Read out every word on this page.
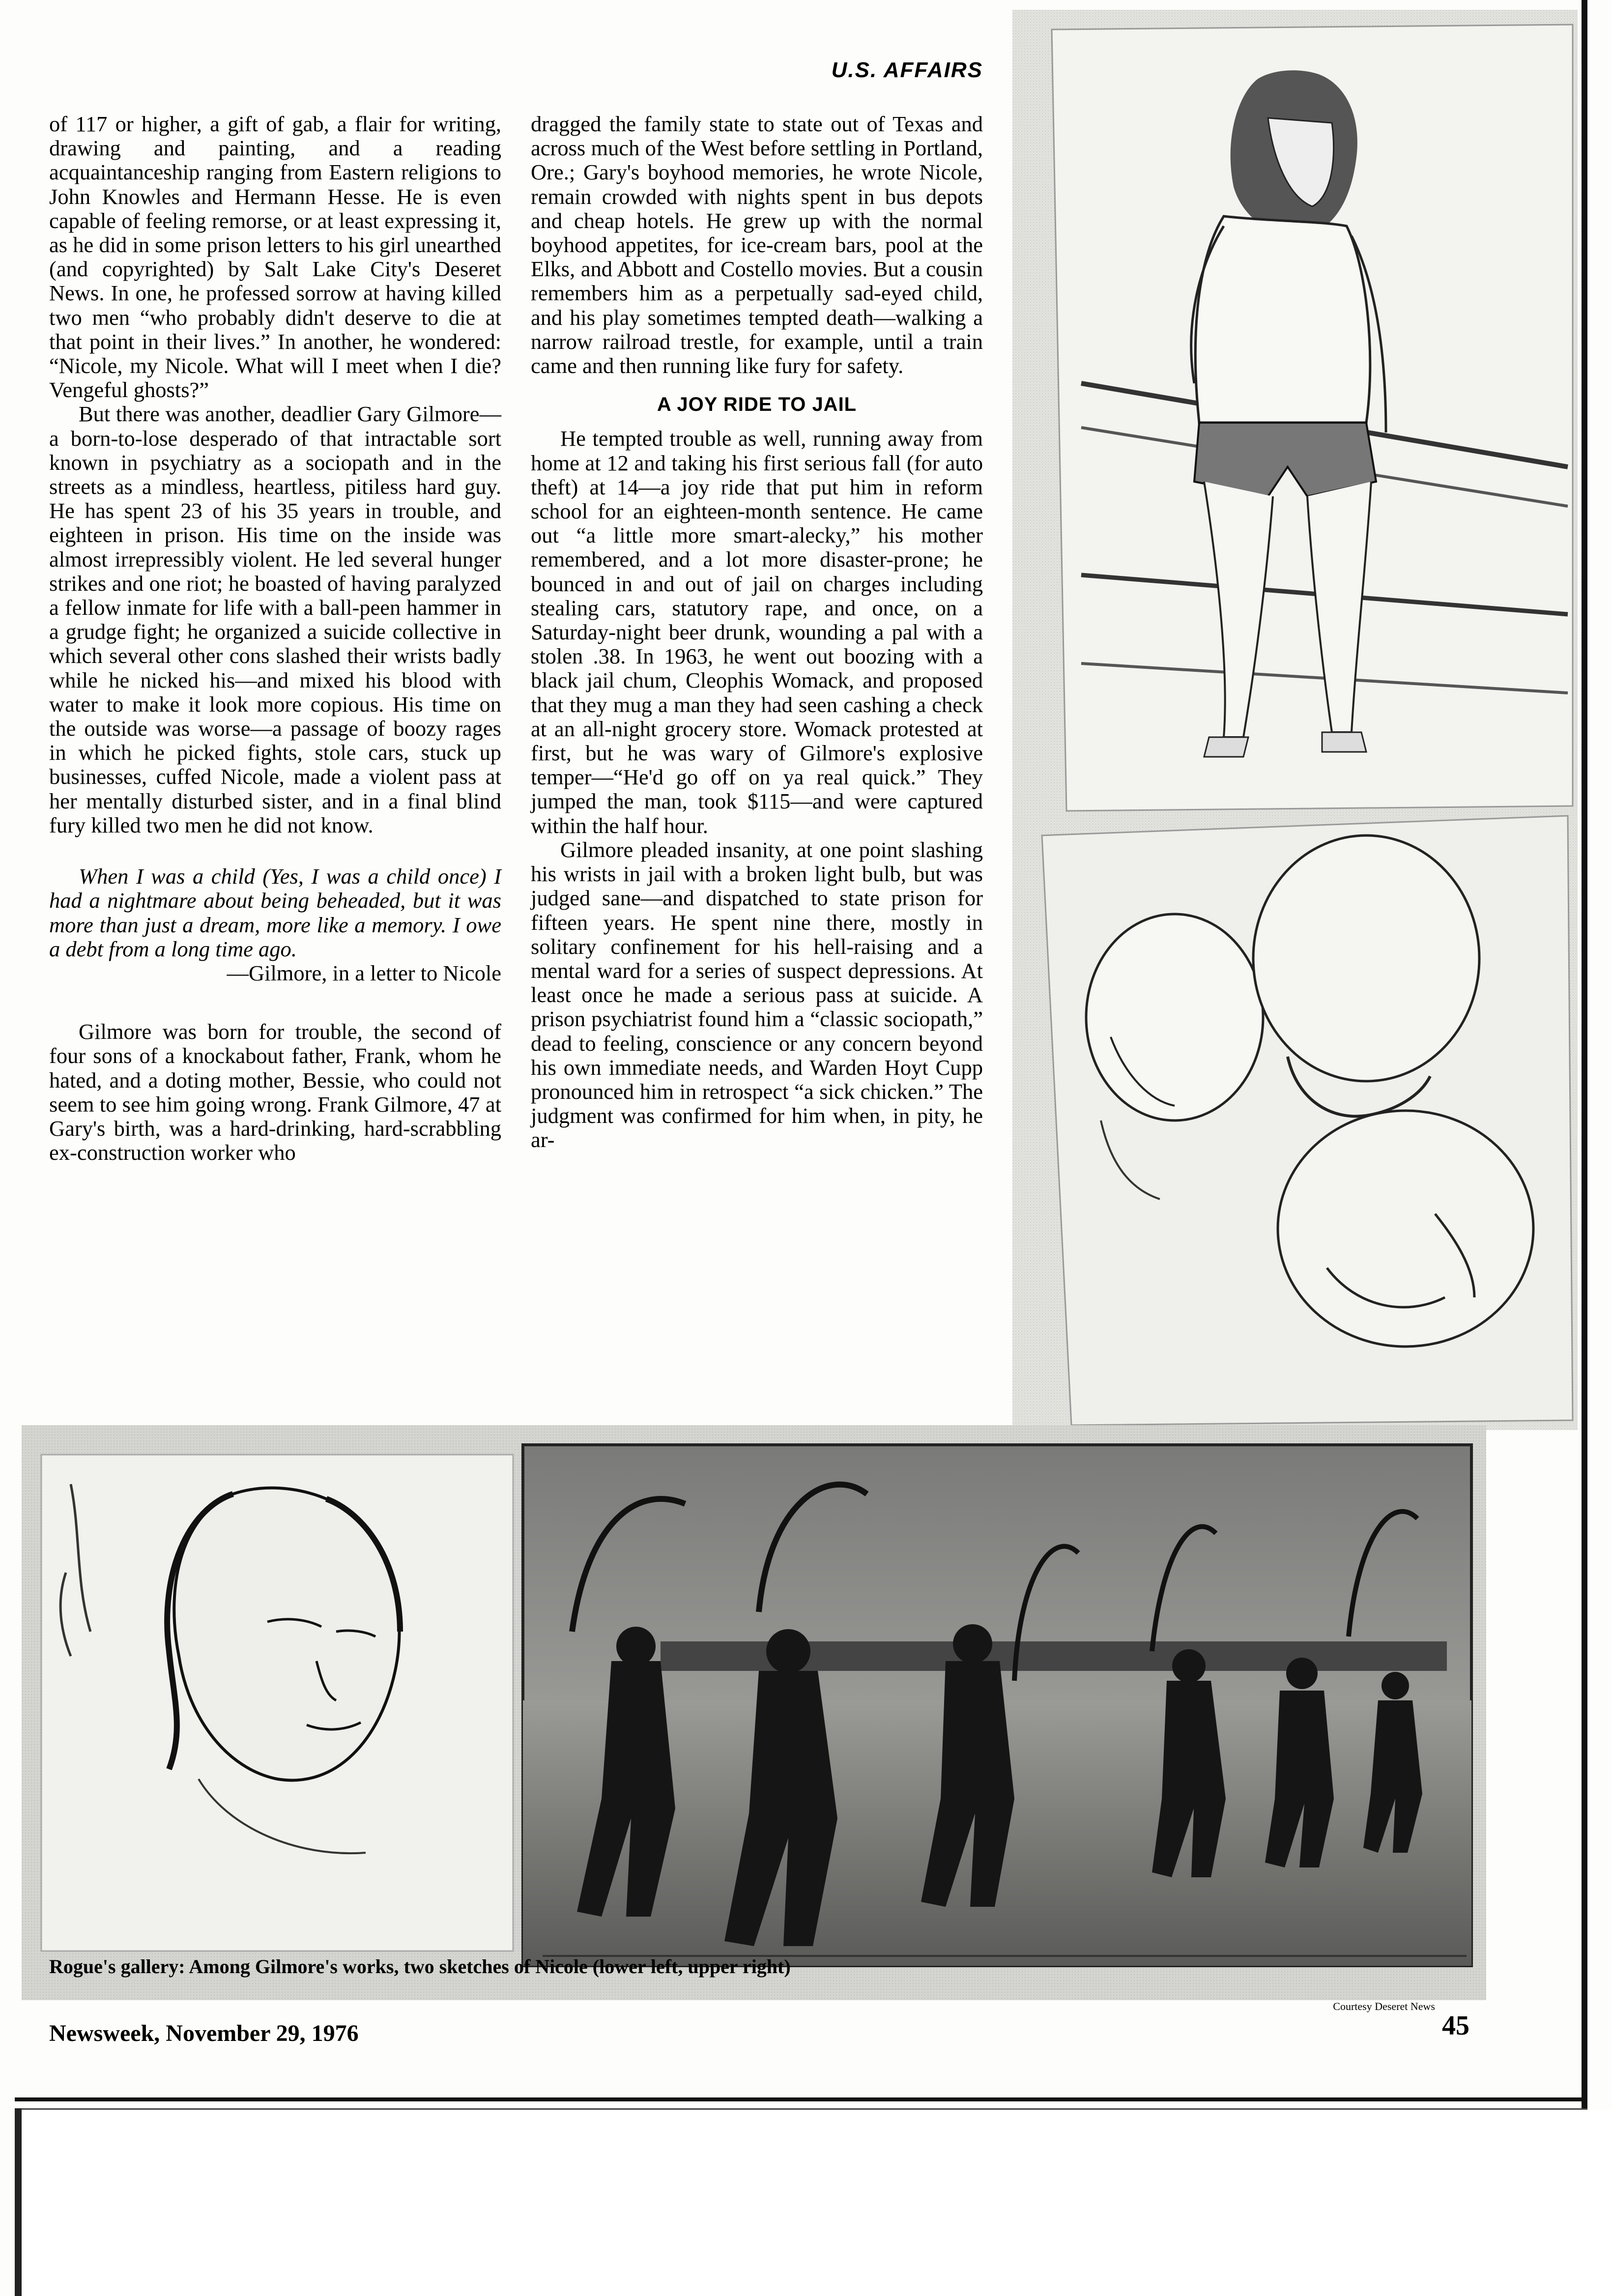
U.S. AFFAIRS

of 117 or higher, a gift of gab, a flair for writing, drawing and painting, and a reading acquaintanceship ranging from Eastern religions to John Knowles and Hermann Hesse. He is even capable of feeling remorse, or at least expressing it, as he did in some prison letters to his girl unearthed (and copyrighted) by Salt Lake City's Deseret News. In one, he professed sorrow at having killed two men “who probably didn't deserve to die at that point in their lives.” In another, he wondered: “Nicole, my Nicole. What will I meet when I die? Vengeful ghosts?”

But there was another, deadlier Gary Gilmore—a born-to-lose desperado of that intractable sort known in psychiatry as a sociopath and in the streets as a mindless, heartless, pitiless hard guy. He has spent 23 of his 35 years in trouble, and eighteen in prison. His time on the inside was almost irrepressibly violent. He led several hunger strikes and one riot; he boasted of having paralyzed a fellow inmate for life with a ball-peen hammer in a grudge fight; he organized a suicide collective in which several other cons slashed their wrists badly while he nicked his—and mixed his blood with water to make it look more copious. His time on the outside was worse—a passage of boozy rages in which he picked fights, stole cars, stuck up businesses, cuffed Nicole, made a violent pass at her mentally disturbed sister, and in a final blind fury killed two men he did not know.

When I was a child (Yes, I was a child once) I had a nightmare about being beheaded, but it was more than just a dream, more like a memory. I owe a debt from a long time ago.

—Gilmore, in a letter to Nicole

Gilmore was born for trouble, the second of four sons of a knockabout father, Frank, whom he hated, and a doting mother, Bessie, who could not seem to see him going wrong. Frank Gilmore, 47 at Gary's birth, was a hard-drinking, hard-scrabbling ex-construction worker who

dragged the family state to state out of Texas and across much of the West before settling in Portland, Ore.; Gary's boyhood memories, he wrote Nicole, remain crowded with nights spent in bus depots and cheap hotels. He grew up with the normal boyhood appetites, for ice-cream bars, pool at the Elks, and Abbott and Costello movies. But a cousin remembers him as a perpetually sad-eyed child, and his play sometimes tempted death—walking a narrow railroad trestle, for example, until a train came and then running like fury for safety.

A JOY RIDE TO JAIL

He tempted trouble as well, running away from home at 12 and taking his first serious fall (for auto theft) at 14—a joy ride that put him in reform school for an eighteen-month sentence. He came out “a little more smart-alecky,” his mother remembered, and a lot more disaster-prone; he bounced in and out of jail on charges including stealing cars, statutory rape, and once, on a Saturday-night beer drunk, wounding a pal with a stolen .38. In 1963, he went out boozing with a black jail chum, Cleophis Womack, and proposed that they mug a man they had seen cashing a check at an all-night grocery store. Womack protested at first, but he was wary of Gilmore's explosive temper—“He'd go off on ya real quick.” They jumped the man, took $115—and were captured within the half hour.

Gilmore pleaded insanity, at one point slashing his wrists in jail with a broken light bulb, but was judged sane—and dispatched to state prison for fifteen years. He spent nine there, mostly in solitary confinement for his hell-raising and a mental ward for a series of suspect depressions. At least once he made a serious pass at suicide. A prison psychiatrist found him a “classic sociopath,” dead to feeling, conscience or any concern beyond his own immediate needs, and Warden Hoyt Cupp pronounced him in retrospect “a sick chicken.” The judgment was confirmed for him when, in pity, he ar-

Rogue's gallery: Among Gilmore's works, two sketches of Nicole (lower left, upper right)
Courtesy Deseret News
Newsweek, November 29, 1976	45
